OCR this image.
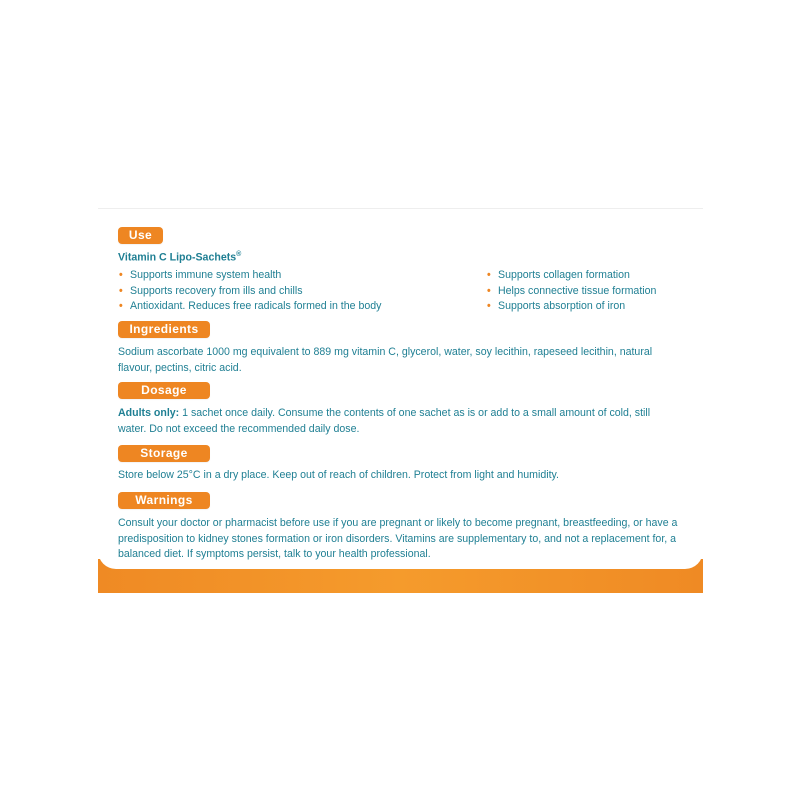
Use
Vitamin C Lipo-Sachets®
• Supports immune system health
• Supports recovery from ills and chills
• Antioxidant. Reduces free radicals formed in the body
• Supports collagen formation
• Helps connective tissue formation
• Supports absorption of iron
Ingredients
Sodium ascorbate 1000 mg equivalent to 889 mg vitamin C, glycerol, water, soy lecithin, rapeseed lecithin, natural flavour, pectins, citric acid.
Dosage
Adults only: 1 sachet once daily. Consume the contents of one sachet as is or add to a small amount of cold, still water. Do not exceed the recommended daily dose.
Storage
Store below 25°C in a dry place. Keep out of reach of children. Protect from light and humidity.
Warnings
Consult your doctor or pharmacist before use if you are pregnant or likely to become pregnant, breastfeeding, or have a predisposition to kidney stones formation or iron disorders. Vitamins are supplementary to, and not a replacement for, a balanced diet. If symptoms persist, talk to your health professional.
